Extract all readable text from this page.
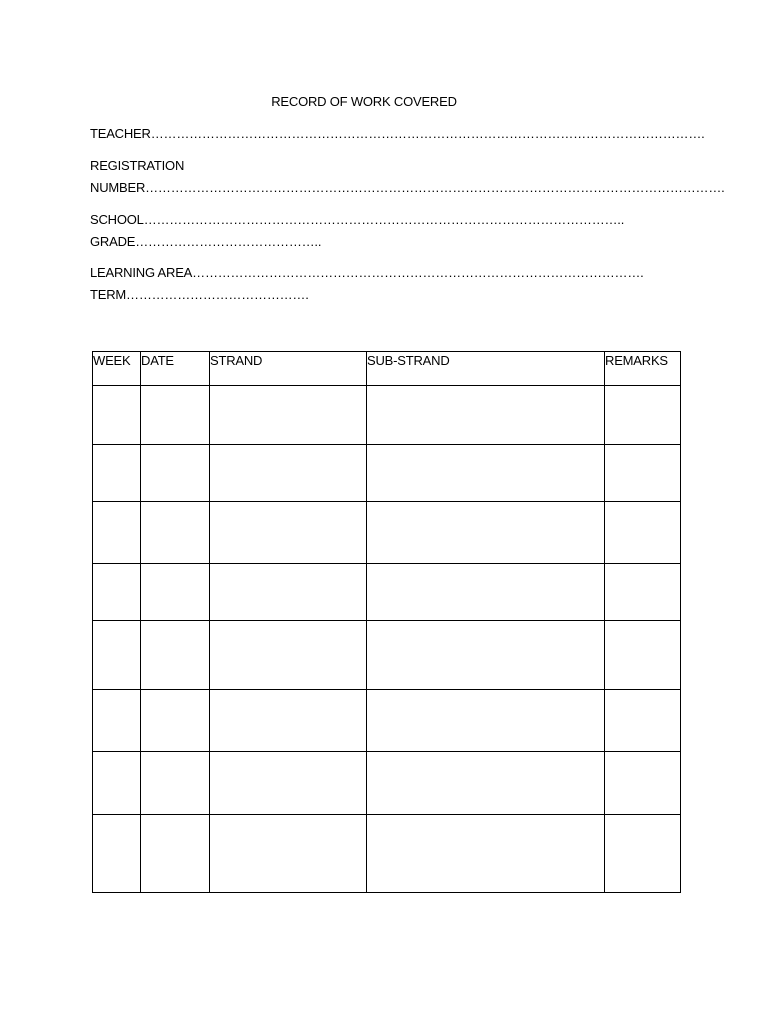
RECORD OF WORK COVERED
TEACHER………………………………………………………………………………………………………………….
REGISTRATION
NUMBER……………………………………………………………………………………………………………………….
SCHOOL…………………………………………………………………………………………………..
GRADE……………………………………..
LEARNING AREA…………………………………………………………………………………………….
TERM…………………………………….
WEEK	DATE	STRAND	SUB-STRAND	REMARKS
